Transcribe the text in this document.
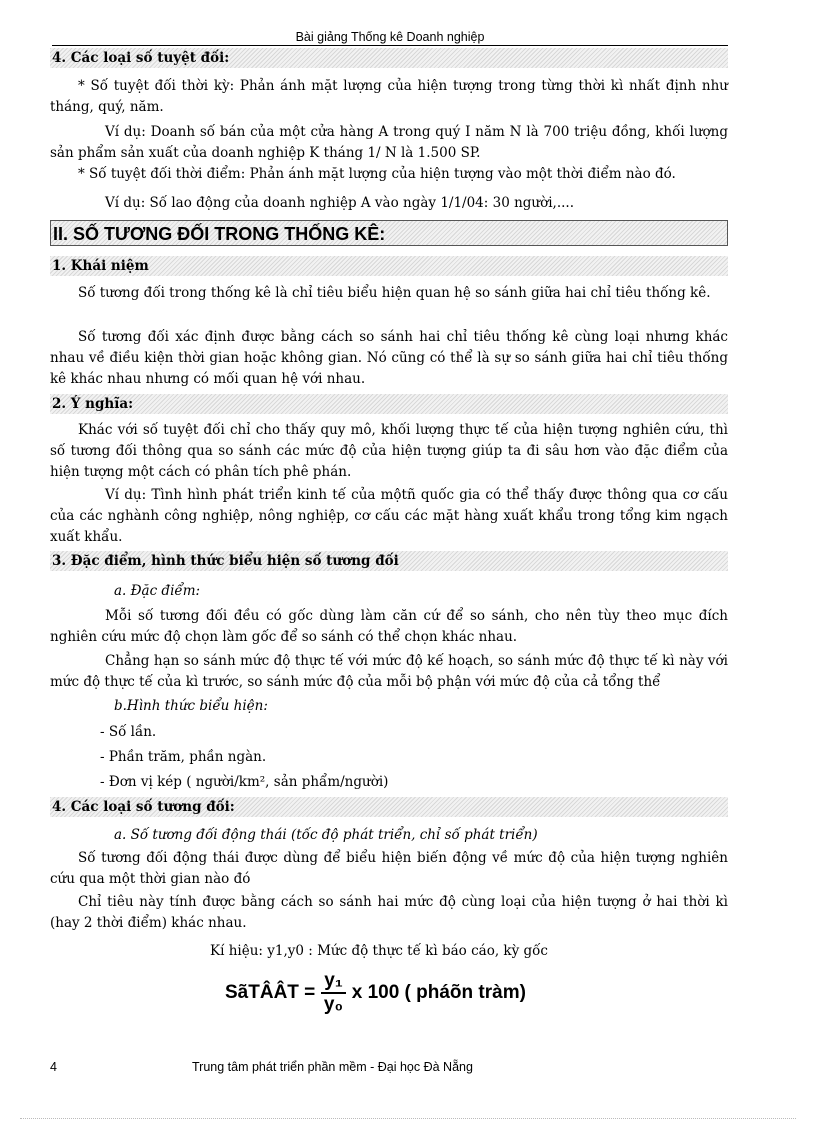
Bài giảng Thống kê Doanh nghiệp
4. Các loại số tuyệt đối:
* Số tuyệt đối thời kỳ: Phản ánh mặt lượng của hiện tượng trong từng thời kì nhất định như tháng, quý, năm.
Ví dụ: Doanh số bán của một cửa hàng A trong quý I năm N là 700 triệu đồng, khối lượng sản phẩm sản xuất của doanh nghiệp K tháng 1/ N là 1.500 SP.
* Số tuyệt đối thời điểm: Phản ánh mặt lượng của hiện tượng vào một thời điểm nào đó.
Ví dụ: Số lao động của doanh nghiệp A vào ngày 1/1/04: 30 người,....
II. SỐ TƯƠNG ĐỐI TRONG THỐNG KÊ:
1. Khái niệm
Số tương đối trong thống kê là chỉ tiêu biểu hiện quan hệ so sánh giữa hai chỉ tiêu thống kê.
Số tương đối xác định được bằng cách so sánh hai chỉ tiêu thống kê cùng loại nhưng khác nhau về điều kiện thời gian hoặc không gian. Nó cũng có thể là sự so sánh giữa hai chỉ tiêu thống kê khác nhau nhưng có mối quan hệ với nhau.
2. Ý nghĩa:
Khác với số tuyệt đối chỉ cho thấy quy mô, khối lượng thực tế của hiện tượng nghiên cứu, thì số tương đối thông qua so sánh các mức độ của hiện tượng giúp ta đi sâu hơn vào đặc điểm của hiện tượng một cách có phân tích phê phán.
Ví dụ: Tình hình phát triển kinh tế của mộtñ quốc gia có thể thấy được thông qua cơ cấu của các nghành công nghiệp, nông nghiệp, cơ cấu các mặt hàng xuất khẩu trong tổng kim ngạch xuất khẩu.
3. Đặc điểm, hình thức biểu hiện số tương đối
a. Đặc điểm:
Mỗi số tương đối đều có gốc dùng làm căn cứ để so sánh, cho nên tùy theo mục đích nghiên cứu mức độ chọn làm gốc để so sánh có thể chọn khác nhau.
Chẳng hạn so sánh mức độ thực tế với mức độ kế hoạch, so sánh mức độ thực tế kì này với mức độ thực tế của kì trước, so sánh mức độ của mỗi bộ phận với mức độ của cả tổng thể
b.Hình thức biểu hiện:
- Số lần.
- Phần trăm, phần ngàn.
- Đơn vị kép ( người/km², sản phẩm/người)
4. Các loại số tương đối:
a. Số tương đối động thái (tốc độ phát triển, chỉ số phát triển)
Số tương đối động thái được dùng để biểu hiện biến động về mức độ của hiện tượng nghiên cứu qua một thời gian nào đó
Chỉ tiêu này tính được bằng cách so sánh hai mức độ cùng loại của hiện tượng ở hai thời kì (hay 2 thời điểm) khác nhau.
Kí hiệu: y1,y0 : Mức độ thực tế kì báo cáo, kỳ gốc
SãTÂÂT = $\frac{\text{y₁}}{\text{y₀}}$ x 100 ( pháõn tràm)
4	Trung tâm phát triển phần mềm - Đại học Đà Nẵng
